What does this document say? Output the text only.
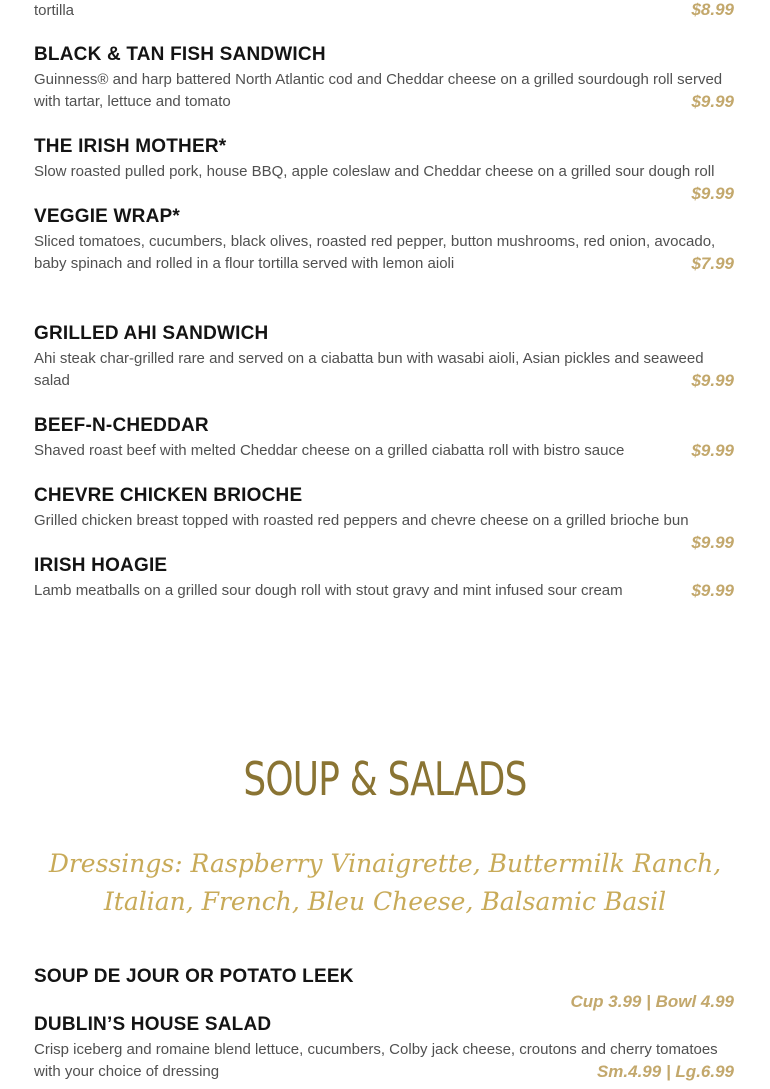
tortilla	$8.99
BLACK & TAN FISH SANDWICH
Guinness® and harp battered North Atlantic cod and Cheddar cheese on a grilled sourdough roll served with tartar, lettuce and tomato	$9.99
THE IRISH MOTHER*
Slow roasted pulled pork, house BBQ, apple coleslaw and Cheddar cheese on a grilled sour dough roll
$9.99
VEGGIE WRAP*
Sliced tomatoes, cucumbers, black olives, roasted red pepper, button mushrooms, red onion, avocado, baby spinach and rolled in a flour tortilla served with lemon aioli	$7.99
GRILLED AHI SANDWICH
Ahi steak char-grilled rare and served on a ciabatta bun with wasabi aioli, Asian pickles and seaweed salad	$9.99
BEEF-N-CHEDDAR
Shaved roast beef with melted Cheddar cheese on a grilled ciabatta roll with bistro sauce	$9.99
CHEVRE CHICKEN BRIOCHE
Grilled chicken breast topped with roasted red peppers and chevre cheese on a grilled brioche bun
$9.99
IRISH HOAGIE
Lamb meatballs on a grilled sour dough roll with stout gravy and mint infused sour cream	$9.99
SOUP & SALADS
Dressings: Raspberry Vinaigrette, Buttermilk Ranch, Italian, French, Bleu Cheese, Balsamic Basil
SOUP DE JOUR OR POTATO LEEK
Cup 3.99 | Bowl 4.99
DUBLIN’S HOUSE SALAD
Crisp iceberg and romaine blend lettuce, cucumbers, Colby jack cheese, croutons and cherry tomatoes with your choice of dressing	Sm.4.99 | Lg.6.99
